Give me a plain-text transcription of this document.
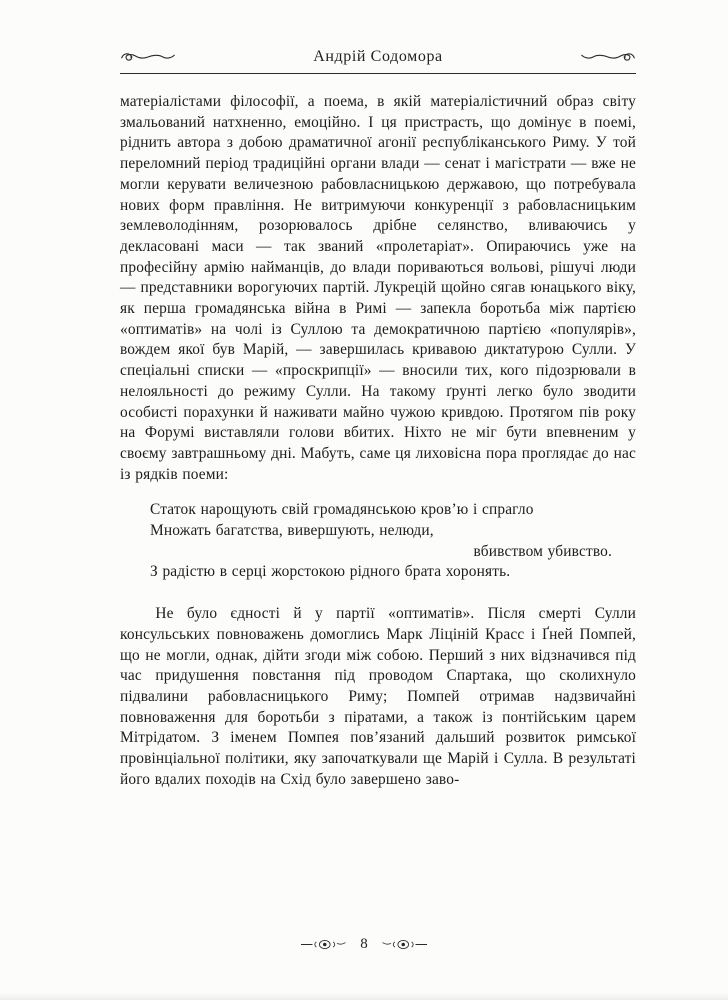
Андрій Содомора

матеріалістами філософії, а поема, в якій матеріалістичний образ світу змальований натхненно, емоційно. І ця пристрасть, що домінує в поемі, ріднить автора з добою драматичної агонії республіканського Риму. У той переломний період традиційні органи влади — сенат і магістрати — вже не могли керувати величезною рабовласницькою державою, що потребувала нових форм правління. Не витримуючи конкуренції з рабовласницьким землеволодінням, розорювалось дрібне селянство, вливаючись у декласовані маси — так званий «пролетаріат». Опираючись уже на професійну армію найманців, до влади пориваються вольові, рішучі люди — представники ворогуючих партій. Лукрецій щойно сягав юнацького віку, як перша громадянська війна в Римі — запекла боротьба між партією «оптиматів» на чолі із Суллою та демократичною партією «популярів», вождем якої був Марій, — завершилась кривавою диктатурою Сулли. У спеціальні списки — «проскрипції» — вносили тих, кого підозрювали в нелояльності до режиму Сулли. На такому ґрунті легко було зводити особисті порахунки й наживати майно чужою кривдою. Протягом пів року на Форумі виставляли голови вбитих. Ніхто не міг бути впевненим у своєму завтрашньому дні. Мабуть, саме ця лиховісна пора проглядає до нас із рядків поеми:

Статок нарощують свій громадянською кров’ю і спрагло
Множать багатства, вивершують, нелюди,
вбивством убивство.
З радістю в серці жорстокою рідного брата хоронять.

Не було єдності й у партії «оптиматів». Після смерті Сулли консульських повноважень домоглись Марк Ліціній Красс і Ґней Помпей, що не могли, однак, дійти згоди між собою. Перший з них відзначився під час придушення повстання під проводом Спартака, що сколихнуло підвалини рабовласницького Риму; Помпей отримав надзвичайні повноваження для боротьби з піратами, а також із понтійським царем Мітрідатом. З іменем Помпея пов’язаний дальший розвиток римської провінціальної політики, яку започаткували ще Марій і Сулла. В результаті його вдалих походів на Схід було завершено заво-

8
